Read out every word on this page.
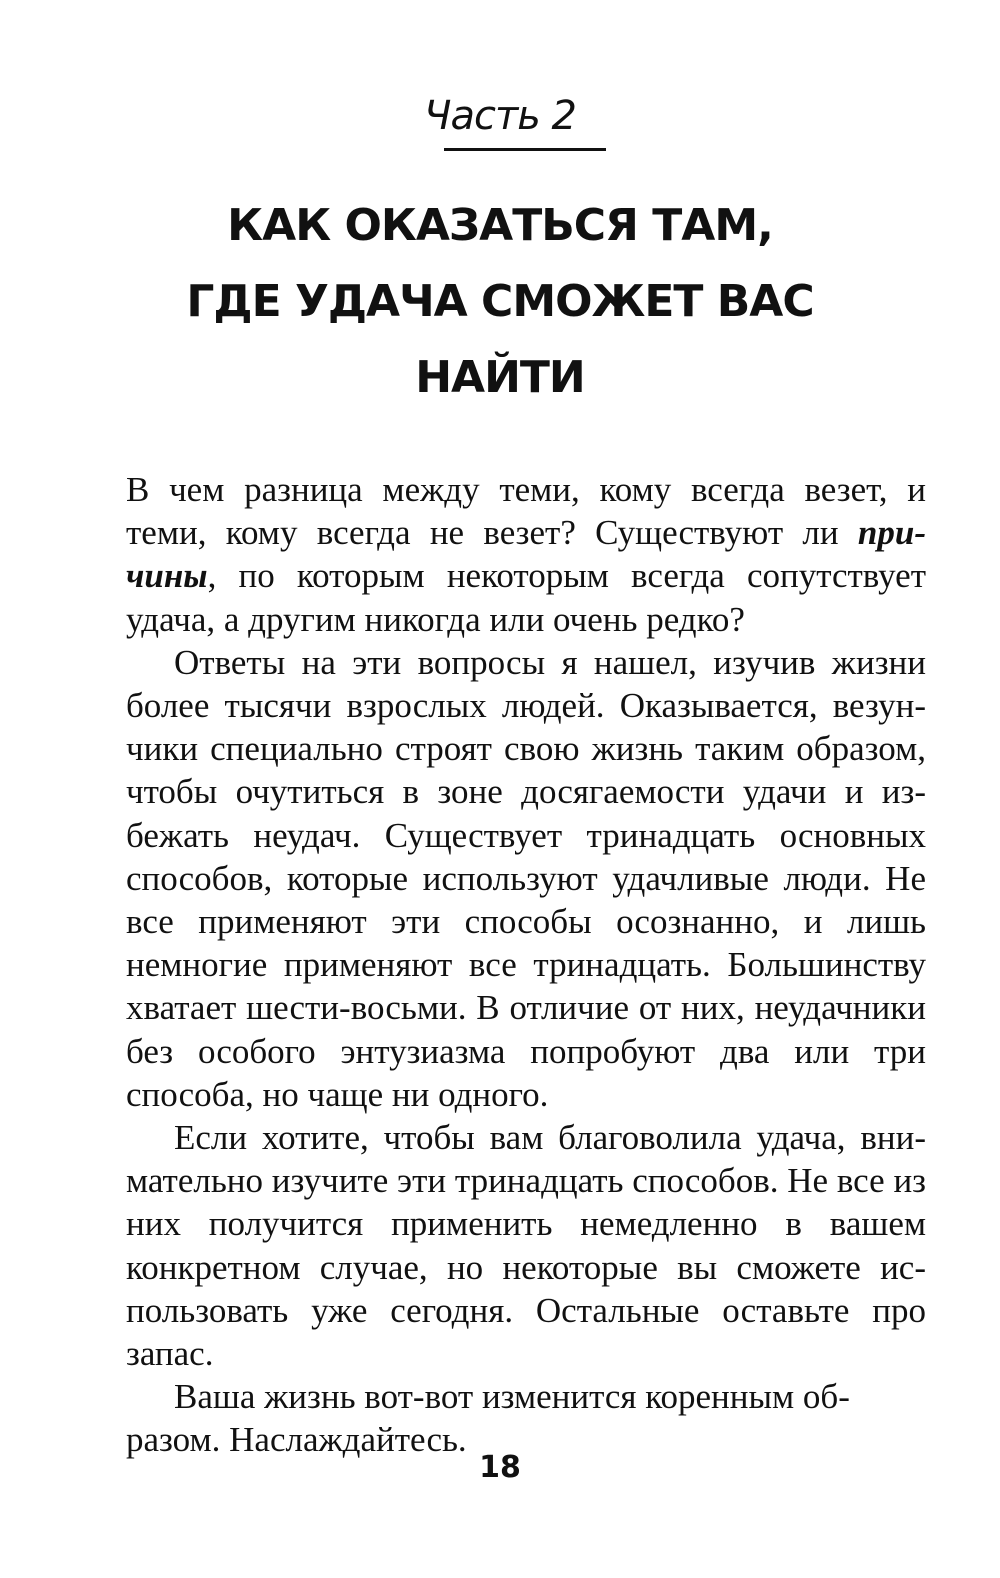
Часть 2
КАК ОКАЗАТЬСЯ ТАМ,
ГДЕ УДАЧА СМОЖЕТ ВАС
НАЙТИ

В чем разница между теми, кому всегда везет, и теми, кому всегда не везет? Существуют ли причины, по которым некоторым всегда сопутствует удача, а другим никогда или очень редко?

Ответы на эти вопросы я нашел, изучив жизни более тысячи взрослых людей. Оказывается, везунчики специально строят свою жизнь таким образом, чтобы очутиться в зоне досягаемости удачи и избежать неудач. Существует тринадцать основных способов, которые используют удачливые люди. Не все применяют эти способы осознанно, и лишь немногие применяют все тринадцать. Большинству хватает шести-восьми. В отличие от них, неудачники без особого энтузиазма попробуют два или три способа, но чаще ни одного.

Если хотите, чтобы вам благоволила удача, внимательно изучите эти тринадцать способов. Не все из них получится применить немедленно в вашем конкретном случае, но некоторые вы сможете использовать уже сегодня. Остальные оставьте про запас.

Ваша жизнь вот-вот изменится коренным образом. Наслаждайтесь.

18
